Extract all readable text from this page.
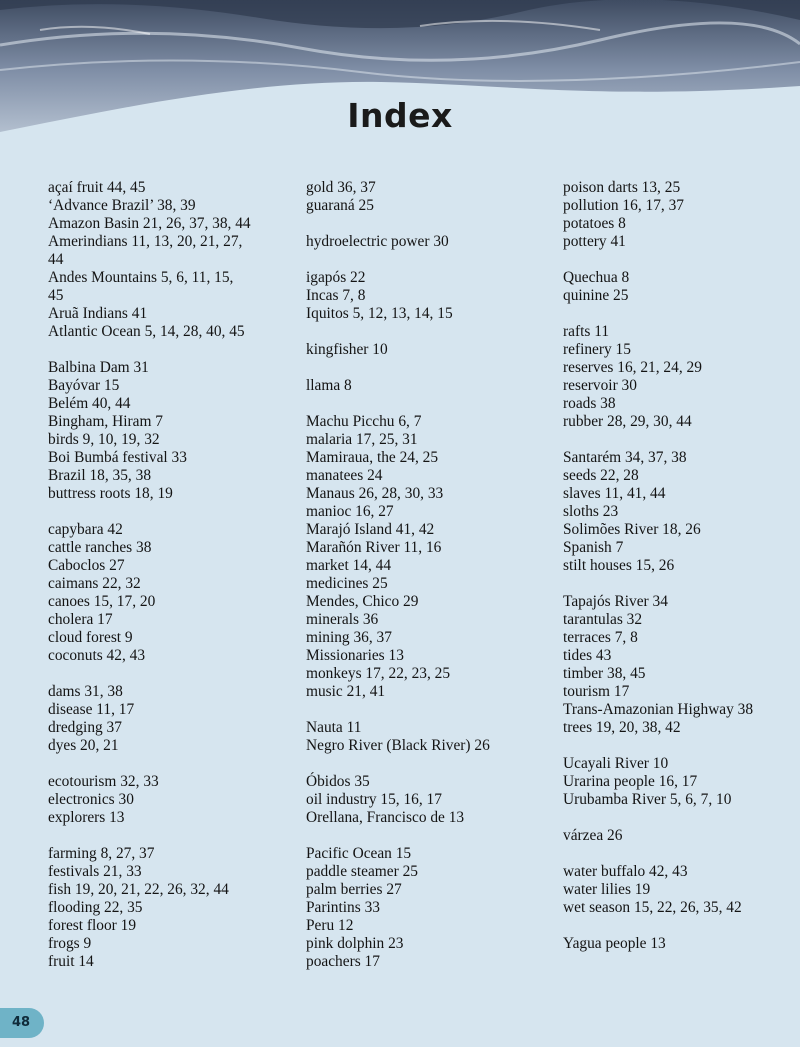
Index

açaí fruit 44, 45

‘Advance Brazil’ 38, 39

Amazon Basin 21, 26, 37, 38, 44

Amerindians 11, 13, 20, 21, 27,

44

Andes Mountains 5, 6, 11, 15,

45

Aruã Indians 41

Atlantic Ocean 5, 14, 28, 40, 45

Balbina Dam 31

Bayóvar 15

Belém 40, 44

Bingham, Hiram 7

birds 9, 10, 19, 32

Boi Bumbá festival 33

Brazil 18, 35, 38

buttress roots 18, 19

capybara 42

cattle ranches 38

Caboclos 27

caimans 22, 32

canoes 15, 17, 20

cholera 17

cloud forest 9

coconuts 42, 43

dams 31, 38

disease 11, 17

dredging 37

dyes 20, 21

ecotourism 32, 33

electronics 30

explorers 13

farming 8, 27, 37

festivals 21, 33

fish 19, 20, 21, 22, 26, 32, 44

flooding 22, 35

forest floor 19

frogs 9

fruit 14

gold 36, 37

guaraná 25

hydroelectric power 30

igapós 22

Incas 7, 8

Iquitos 5, 12, 13, 14, 15

kingfisher 10

llama 8

Machu Picchu 6, 7

malaria 17, 25, 31

Mamiraua, the 24, 25

manatees 24

Manaus 26, 28, 30, 33

manioc 16, 27

Marajó Island 41, 42

Marañón River 11, 16

market 14, 44

medicines 25

Mendes, Chico 29

minerals 36

mining 36, 37

Missionaries 13

monkeys 17, 22, 23, 25

music 21, 41

Nauta 11

Negro River (Black River) 26

Óbidos 35

oil industry 15, 16, 17

Orellana, Francisco de 13

Pacific Ocean 15

paddle steamer 25

palm berries 27

Parintins 33

Peru 12

pink dolphin 23

poachers 17

poison darts 13, 25

pollution 16, 17, 37

potatoes 8

pottery 41

Quechua 8

quinine 25

rafts 11

refinery 15

reserves 16, 21, 24, 29

reservoir 30

roads 38

rubber 28, 29, 30, 44

Santarém 34, 37, 38

seeds 22, 28

slaves 11, 41, 44

sloths 23

Solimões River 18, 26

Spanish 7

stilt houses 15, 26

Tapajós River 34

tarantulas 32

terraces 7, 8

tides 43

timber 38, 45

tourism 17

Trans-Amazonian Highway 38

trees 19, 20, 38, 42

Ucayali River 10

Urarina people 16, 17

Urubamba River 5, 6, 7, 10

várzea 26

water buffalo 42, 43

water lilies 19

wet season 15, 22, 26, 35, 42

Yagua people 13

48
